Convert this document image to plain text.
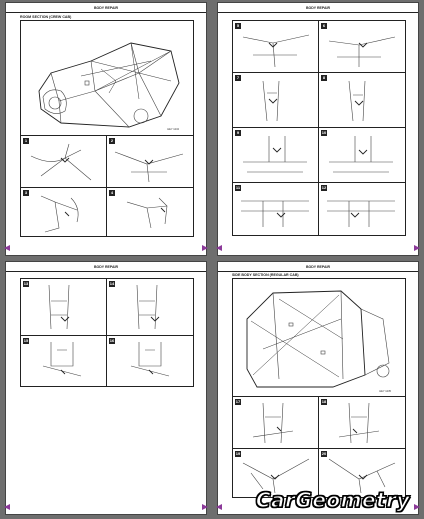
BODY REPAIR
ROOM SECTION (CREW CAB)
HEY 1234
1	2
3	4
BODY REPAIR
5	6
7	8
9	10
11	12
BODY REPAIR
13	14
15	16
BODY REPAIR
SIDE BODY SECTION (REGULAR CAB)
HEY 1235
17	18
19	20
CarGeometry
